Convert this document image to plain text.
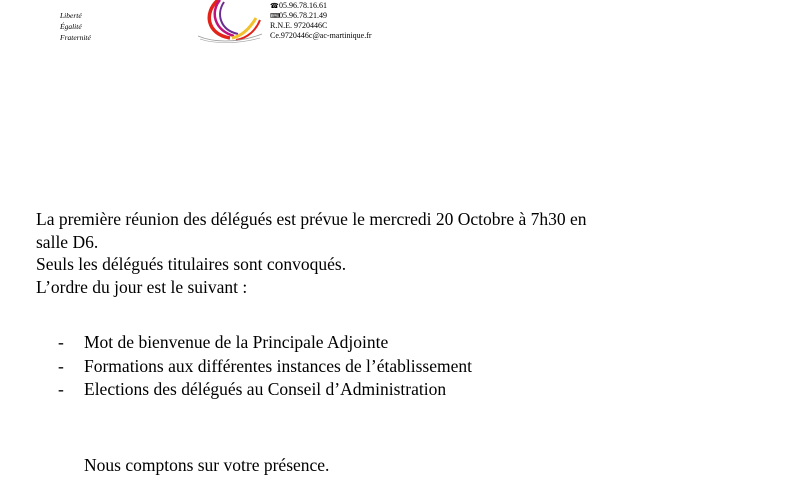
Liberté
Égalité
Fraternité
☎05.96.78.16.61
⌨05.96.78.21.49
R.N.E. 9720446C
Ce.9720446c@ac-martinique.fr

La première réunion des délégués est prévue le mercredi 20 Octobre à 7h30 en

salle D6.

Seuls les délégués titulaires sont convoqués.

L’ordre du jour est le suivant :

-	Mot de bienvenue de la Principale Adjointe
-	Formations aux différentes instances de l’établissement
-	Elections des délégués au Conseil d’Administration
Nous comptons sur votre présence.
